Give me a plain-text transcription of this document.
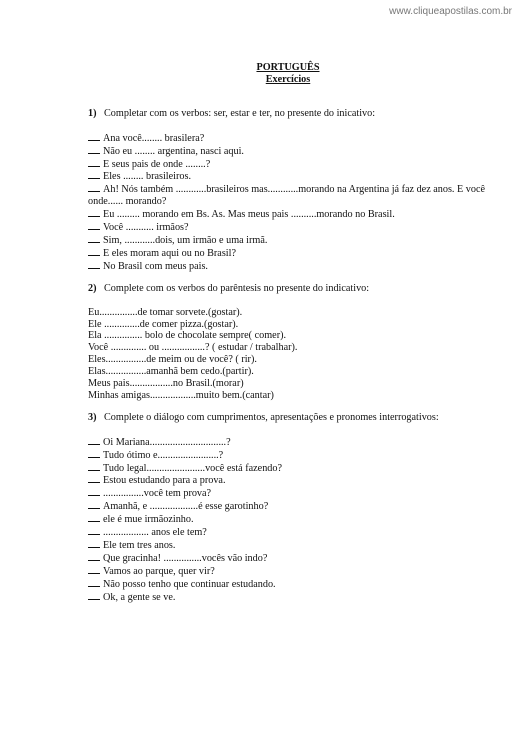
www.cliqueapostilas.com.br
PORTUGUÊS
Exercícios
1) Completar com os verbos: ser, estar e ter, no presente do inicativo:
Ana você........ brasilera?
Não eu ........ argentina, nasci aqui.
E seus pais de onde ........?
Eles ........ brasileiros.
Ah! Nós também ............brasileiros mas............morando na Argentina já faz dez anos. E você onde...... morando?
Eu ......... morando em Bs. As. Mas meus pais ..........morando no Brasil.
Você ........... irmãos?
Sim, ............dois, um irmão e uma irmã.
E eles moram aqui ou no Brasil?
No Brasil com meus pais.
2) Complete com os verbos do parêntesis no presente do indicativo:
Eu...............de tomar sorvete.(gostar).
Ele ..............de comer pizza.(gostar).
Ela ............... bolo de chocolate sempre( comer).
Você .............. ou .................? ( estudar / trabalhar).
Eles................de meim ou de você? ( rir).
Elas................amanhã bem cedo.(partir).
Meus pais.................no Brasil.(morar)
Minhas amigas..................muito bem.(cantar)
3) Complete o diálogo com cumprimentos, apresentações e pronomes interrogativos:
Oi Mariana..............................?
Tudo ótimo e........................?
Tudo legal.......................você está fazendo?
Estou estudando para a prova.
................você tem prova?
Amanhã, e ...................é esse garotinho?
ele é mue irmãozinho.
.................. anos ele tem?
Ele tem tres anos.
Que gracinha! ...............vocês vão indo?
Vamos ao parque, quer vir?
Não posso tenho que continuar estudando.
Ok, a gente se ve.
